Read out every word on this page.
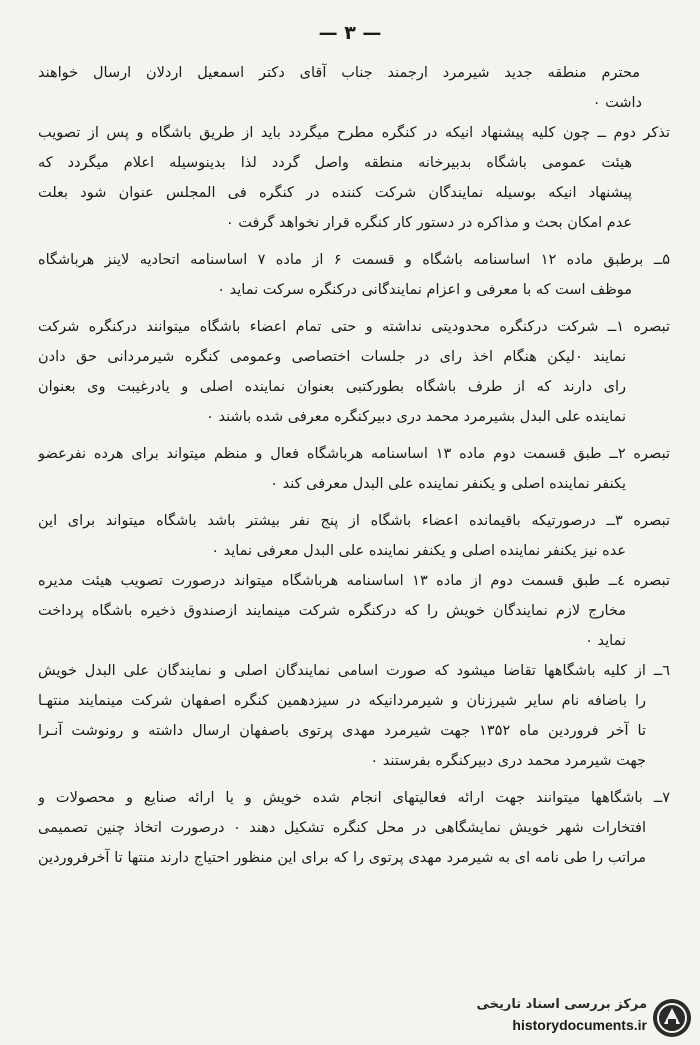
— ۳ —
محترم منطقه جدید شیرمرد ارجمند جناب آقای دکتر اسمعیل اردلان ارسال خواهند
داشت ۰
تذکر دوم ــ چون کلیه پیشنهاد انیکه در کنگره مطرح میگردد باید از طریق باشگاه و پس از تصویب
هیئت عمومی باشگاه بدبیرخانه منطقه واصل گردد لذا بدینوسیله اعلام میگردد که
پیشنهاد انیکه بوسیله نمایندگان شرکت کننده در کنگره فی المجلس عنوان شود بعلت
عدم امکان بحث و مذاکره در دستور کار کنگره قرار نخواهد گرفت ۰
۵ــ برطبق ماده ۱۲ اساسنامه باشگاه و قسمت ۶ از ماده ۷ اساسنامه اتحادیه لاینز هرباشگاه
موظف است که با معرفی و اعزام نمایندگانی درکنگره سرکت نماید ۰
تبصره ۱ــ شرکت درکنگره محدودیتی نداشته و حتی تمام اعضاء باشگاه میتوانند درکنگره شرکت
نمایند ۰لیکن هنگام اخذ رای در جلسات اختصاصی وعمومی کنگره شیرمردانی حق دادن
رای دارند که از طرف باشگاه بطورکتبی بعنوان نماینده اصلی و یادرغیبت وی بعنوان
نماینده علی البدل بشیرمرد محمد دری دبیرکنگره معرفی شده باشند ۰
تبصره ۲ــ طبق قسمت دوم ماده ۱۳ اساسنامه هرباشگاه فعال و منظم میتواند برای هرده نفرعضو
یکنفر نماینده اصلی و یکنفر نماینده علی البدل معرفی کند ۰
تبصره ۳ــ درصورتیکه باقیمانده اعضاء باشگاه از پنج نفر بیشتر باشد باشگاه میتواند برای این
عده نیز یکنفر نماینده اصلی و یکنفر نماینده علی البدل معرفی نماید ۰
تبصره ٤ــ طبق قسمت دوم از ماده ۱۳ اساسنامه هرباشگاه میتواند درصورت تصویب هیئت مدیره
مخارج لازم نمایندگان خویش را که درکنگره شرکت مینمایند ازصندوق ذخیره باشگاه پرداخت
نماید ۰
٦ــ از کلیه باشگاهها تقاضا میشود که صورت اسامی نمایندگان اصلی و نمایندگان علی البدل خویش
را باضافه نام سایر شیرزنان و شیرمردانیکه در سیزدهمین کنگره اصفهان شرکت مینمایند منتهـا
تا آخر فروردین ماه ۱۳۵۲ جهت شیرمرد مهدی پرتوی باصفهان ارسال داشته و رونوشت آنـرا
جهت شیرمرد محمد دری دبیرکنگره بفرستند ۰
۷ــ باشگاهها میتوانند جهت ارائه فعالیتهای انجام شده خویش و یا ارائه صنایع و محصولات و
افتخارات شهر خویش نمایشگاهی در محل کنگره تشکیل دهند ۰ درصورت اتخاذ چنین تصمیمی
مراتب را طی نامه ای به شیرمرد مهدی پرتوی را که برای این منظور احتیاج دارند منتها تا آخرفروردین
مرکز بررسی اسناد تاریخی
historydocuments.ir
